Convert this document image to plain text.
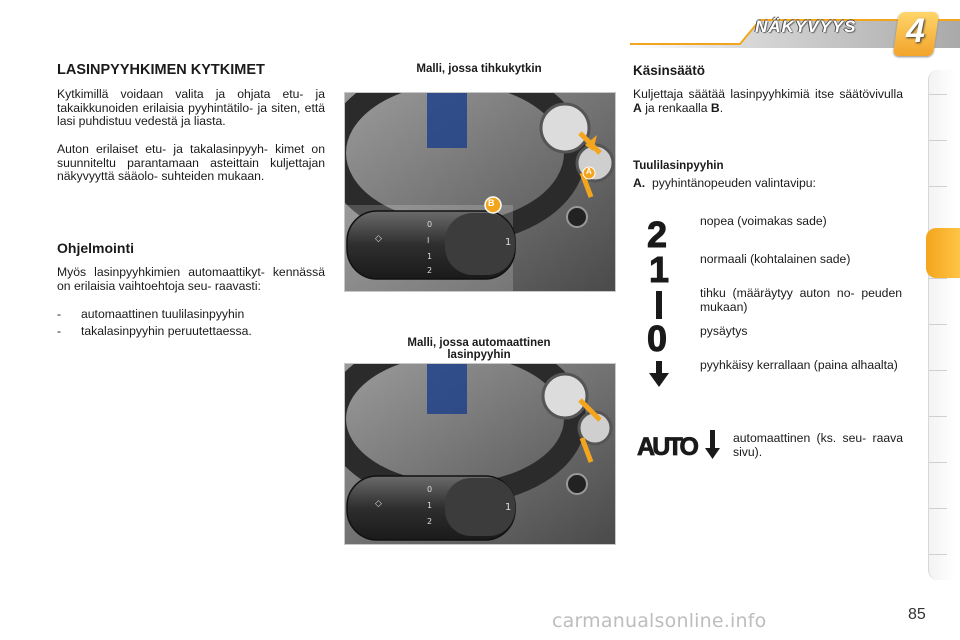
NÄKYVYYS 4
LASINPYYHKIMEN KYTKIMET
Kytkimillä voidaan valita ja ohjata etu- ja takaikkunoiden erilaisia pyyhintätilo- ja siten, että lasi puhdistuu vedestä ja liasta.
Auton erilaiset etu- ja takalasinpyyh- kimet on suunniteltu parantamaan asteittain kuljettajan näkyvyyttä sääolo- suhteiden mukaan.
Ohjelmointi
Myös lasinpyyhkimien automaattikyt- kennässä on erilaisia vaihtoehtoja seu- raavasti:
- automaattinen tuulilasinpyyhin
- takalasinpyyhin peruutettaessa.
Malli, jossa tihkukytkin
◇
0
I
1
2
1
B
A
Malli, jossa automaattinen
lasinpyyhin
◇
0
1
2
1
Käsinsäätö
Kuljettaja säätää lasinpyyhkimiä itse säätövivulla A ja renkaalla B.
Tuulilasinpyyhin
A. pyyhintänopeuden valintavipu:
2
1
0
nopea (voimakas sade)
normaali (kohtalainen sade)
tihku (määräytyy auton no- peuden mukaan)
pysäytys
pyyhkäisy kerrallaan (paina alhaalta)
AUTO	automaattinen (ks. seu- raava sivu).
carmanualsonline.info	85
